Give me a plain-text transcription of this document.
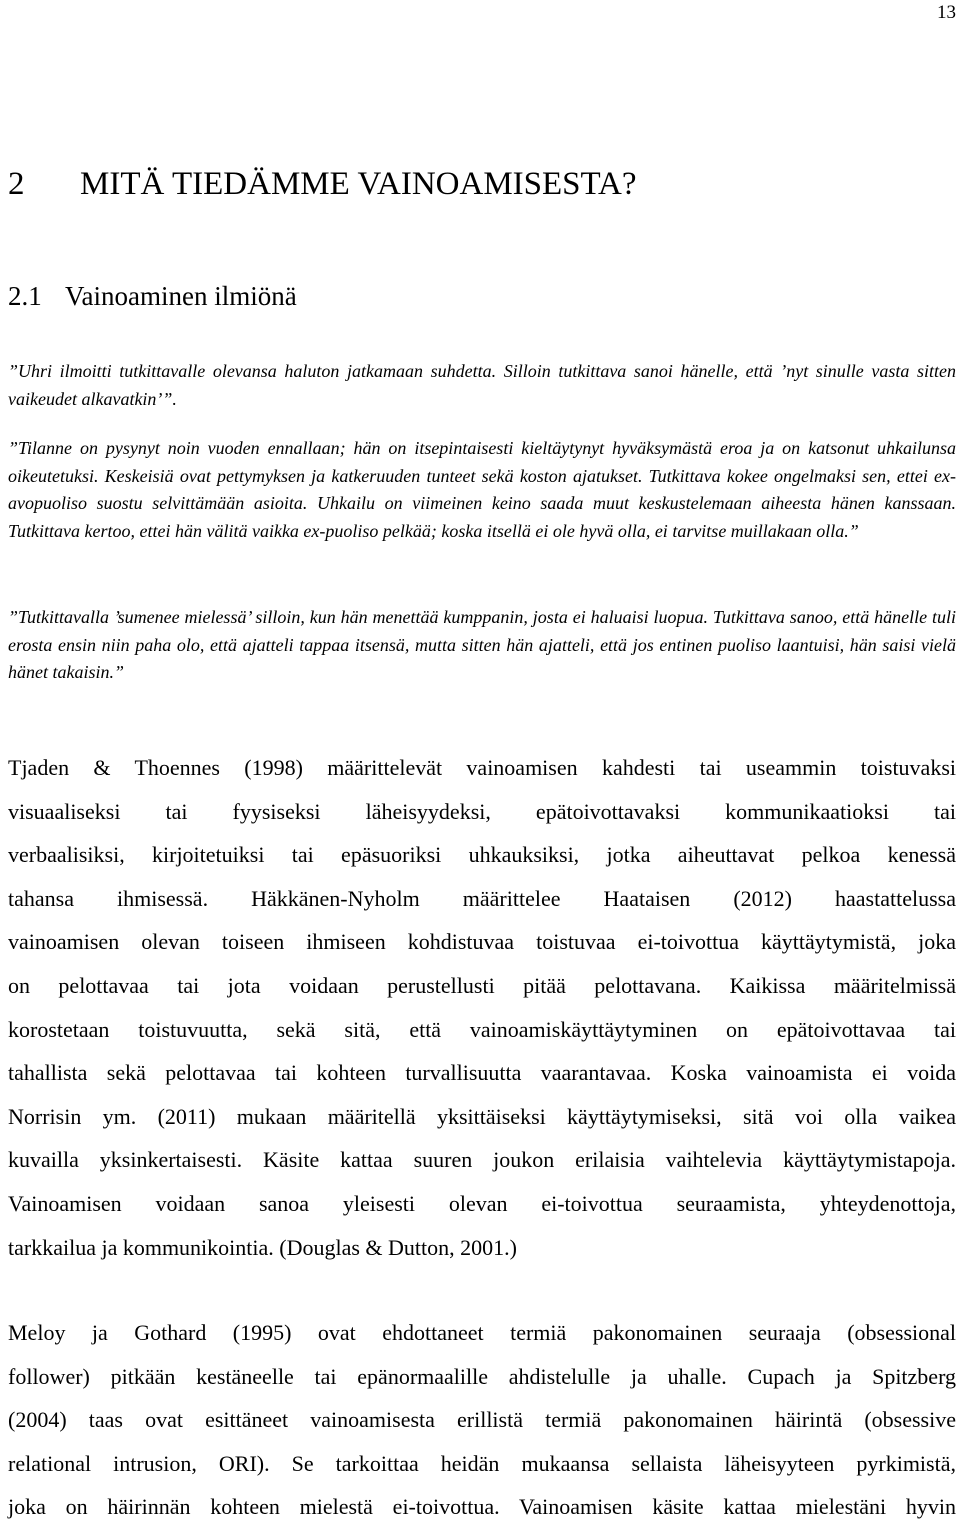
13
2 MITÄ TIEDÄMME VAINOAMISESTA?
2.1 Vainoaminen ilmiönä

”Uhri ilmoitti tutkittavalle olevansa haluton jatkamaan suhdetta. Silloin tutkittava sanoi hänelle, että ’nyt sinulle vasta sitten vaikeudet alkavatkin’”.

”Tilanne on pysynyt noin vuoden ennallaan; hän on itsepintaisesti kieltäytynyt hyväksymästä eroa ja on katsonut uhkailunsa oikeutetuksi. Keskeisiä ovat pettymyksen ja katkeruuden tunteet sekä koston ajatukset. Tutkittava kokee ongelmaksi sen, ettei ex-avopuoliso suostu selvittämään asioita. Uhkailu on viimeinen keino saada muut keskustelemaan aiheesta hänen kanssaan. Tutkittava kertoo, ettei hän välitä vaikka ex-puoliso pelkää; koska itsellä ei ole hyvä olla, ei tarvitse muillakaan olla.”

”Tutkittavalla ’sumenee mielessä’ silloin, kun hän menettää kumppanin, josta ei haluaisi luopua. Tutkittava sanoo, että hänelle tuli erosta ensin niin paha olo, että ajatteli tappaa itsensä, mutta sitten hän ajatteli, että jos entinen puoliso laantuisi, hän saisi vielä hänet takaisin.”

Tjaden & Thoennes (1998) määrittelevät vainoamisen kahdesti tai useammin toistuvaksi
visuaaliseksi tai fyysiseksi läheisyydeksi, epätoivottavaksi kommunikaatioksi tai
verbaalisiksi, kirjoitetuiksi tai epäsuoriksi uhkauksiksi, jotka aiheuttavat pelkoa kenessä
tahansa ihmisessä. Häkkänen-Nyholm määrittelee Haataisen (2012) haastattelussa
vainoamisen olevan toiseen ihmiseen kohdistuvaa toistuvaa ei-toivottua käyttäytymistä, joka
on pelottavaa tai jota voidaan perustellusti pitää pelottavana. Kaikissa määritelmissä
korostetaan toistuvuutta, sekä sitä, että vainoamiskäyttäytyminen on epätoivottavaa tai
tahallista sekä pelottavaa tai kohteen turvallisuutta vaarantavaa. Koska vainoamista ei voida
Norrisin ym. (2011) mukaan määritellä yksittäiseksi käyttäytymiseksi, sitä voi olla vaikea
kuvailla yksinkertaisesti. Käsite kattaa suuren joukon erilaisia vaihtelevia käyttäytymistapoja.
Vainoamisen voidaan sanoa yleisesti olevan ei-toivottua seuraamista, yhteydenottoja,
tarkkailua ja kommunikointia. (Douglas & Dutton, 2001.)
Meloy ja Gothard (1995) ovat ehdottaneet termiä pakonomainen seuraaja (obsessional
follower) pitkään kestäneelle tai epänormaalille ahdistelulle ja uhalle. Cupach ja Spitzberg
(2004) taas ovat esittäneet vainoamisesta erillistä termiä pakonomainen häirintä (obsessive
relational intrusion, ORI). Se tarkoittaa heidän mukaansa sellaista läheisyyteen pyrkimistä,
joka on häirinnän kohteen mielestä ei-toivottua. Vainoamisen käsite kattaa mielestäni hyvin
